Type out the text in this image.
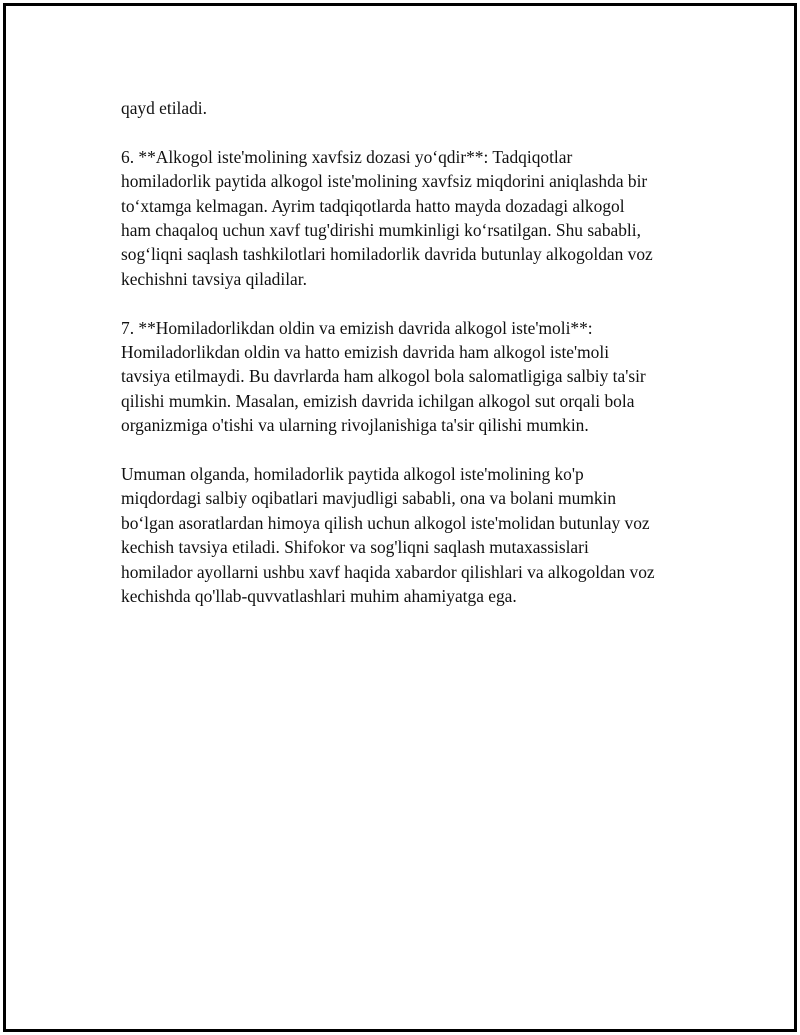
qayd etiladi.
6. **Alkogol iste'molining xavfsiz dozasi yo‘qdir**: Tadqiqotlar
homiladorlik paytida alkogol iste'molining xavfsiz miqdorini aniqlashda bir
to‘xtamga kelmagan. Ayrim tadqiqotlarda hatto mayda dozadagi alkogol
ham chaqaloq uchun xavf tug'dirishi mumkinligi ko‘rsatilgan. Shu sababli,
sog‘liqni saqlash tashkilotlari homiladorlik davrida butunlay alkogoldan voz
kechishni tavsiya qiladilar.
7. **Homiladorlikdan oldin va emizish davrida alkogol iste'moli**:
Homiladorlikdan oldin va hatto emizish davrida ham alkogol iste'moli
tavsiya etilmaydi. Bu davrlarda ham alkogol bola salomatligiga salbiy ta'sir
qilishi mumkin. Masalan, emizish davrida ichilgan alkogol sut orqali bola
organizmiga o'tishi va ularning rivojlanishiga ta'sir qilishi mumkin.
Umuman olganda, homiladorlik paytida alkogol iste'molining ko'p
miqdordagi salbiy oqibatlari mavjudligi sababli, ona va bolani mumkin
bo‘lgan asoratlardan himoya qilish uchun alkogol iste'molidan butunlay voz
kechish tavsiya etiladi. Shifokor va sog'liqni saqlash mutaxassislari
homilador ayollarni ushbu xavf haqida xabardor qilishlari va alkogoldan voz
kechishda qo'llab-quvvatlashlari muhim ahamiyatga ega.
